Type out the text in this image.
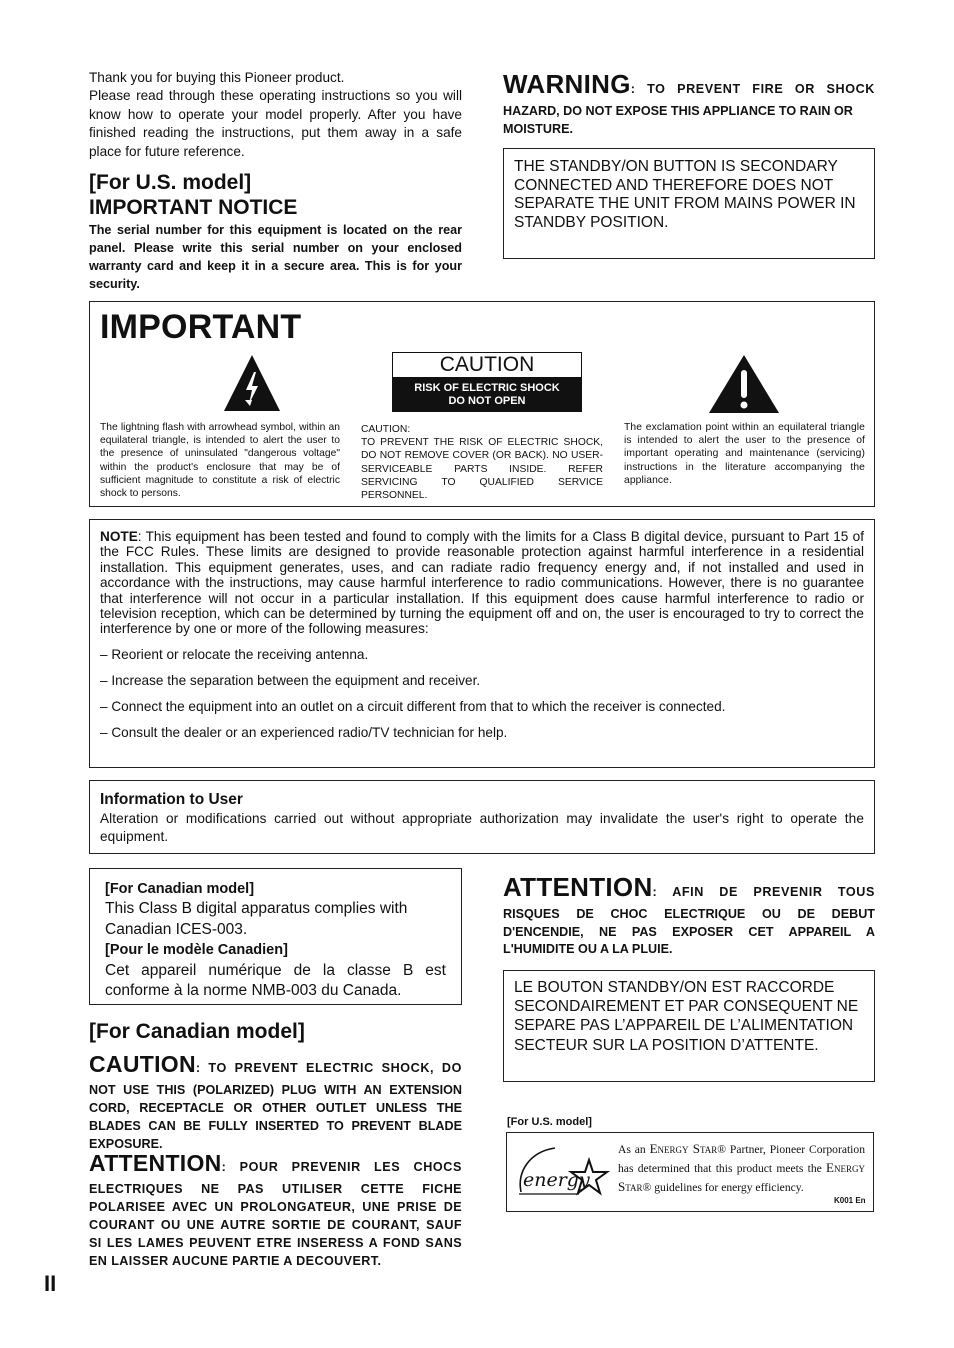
Thank you for buying this Pioneer product.
Please read through these operating instructions so you will know how to operate your model properly. After you have finished reading the instructions, put them away in a safe place for future reference.
[For U.S. model]
IMPORTANT NOTICE
The serial number for this equipment is located on the rear panel. Please write this serial number on your enclosed warranty card and keep it in a secure area. This is for your security.
WARNING: TO PREVENT FIRE OR SHOCK
HAZARD, DO NOT EXPOSE THIS APPLIANCE TO RAIN OR MOISTURE.
THE STANDBY/ON BUTTON IS SECONDARY CONNECTED AND THEREFORE DOES NOT SEPARATE THE UNIT FROM MAINS POWER IN STANDBY POSITION.
IMPORTANT
CAUTION
RISK OF ELECTRIC SHOCK
DO NOT OPEN
The lightning flash with arrowhead symbol, within an equilateral triangle, is intended to alert the user to the presence of uninsulated "dangerous voltage" within the product's enclosure that may be of sufficient magnitude to constitute a risk of electric shock to persons.
CAUTION:
TO PREVENT THE RISK OF ELECTRIC SHOCK, DO NOT REMOVE COVER (OR BACK). NO USER-SERVICEABLE PARTS INSIDE. REFER SERVICING TO QUALIFIED SERVICE PERSONNEL.
The exclamation point within an equilateral triangle is intended to alert the user to the presence of important operating and maintenance (servicing) instructions in the literature accompanying the appliance.
NOTE: This equipment has been tested and found to comply with the limits for a Class B digital device, pursuant to Part 15 of the FCC Rules. These limits are designed to provide reasonable protection against harmful interference in a residential installation. This equipment generates, uses, and can radiate radio frequency energy and, if not installed and used in accordance with the instructions, may cause harmful interference to radio communications. However, there is no guarantee that interference will not occur in a particular installation. If this equipment does cause harmful interference to radio or television reception, which can be determined by turning the equipment off and on, the user is encouraged to try to correct the interference by one or more of the following measures:
– Reorient or relocate the receiving antenna.
– Increase the separation between the equipment and receiver.
– Connect the equipment into an outlet on a circuit different from that to which the receiver is connected.
– Consult the dealer or an experienced radio/TV technician for help.
Information to User
Alteration or modifications carried out without appropriate authorization may invalidate the user's right to operate the equipment.
[For Canadian model]
This Class B digital apparatus complies with Canadian ICES-003.
[Pour le modèle Canadien]
Cet appareil numérique de la classe B est conforme à la norme NMB-003 du Canada.
[For Canadian model]
CAUTION: TO PREVENT ELECTRIC SHOCK, DO
NOT USE THIS (POLARIZED) PLUG WITH AN EXTENSION CORD, RECEPTACLE OR OTHER OUTLET UNLESS THE BLADES CAN BE FULLY INSERTED TO PREVENT BLADE EXPOSURE.
ATTENTION: POUR PREVENIR LES CHOCS
ELECTRIQUES NE PAS UTILISER CETTE FICHE POLARISEE AVEC UN PROLONGATEUR, UNE PRISE DE COURANT OU UNE AUTRE SORTIE DE COURANT, SAUF SI LES LAMES PEUVENT ETRE INSERESS A FOND SANS EN LAISSER AUCUNE PARTIE A DECOUVERT.
ATTENTION: AFIN DE PREVENIR TOUS
RISQUES DE CHOC ELECTRIQUE OU DE DEBUT D'ENCENDIE, NE PAS EXPOSER CET APPAREIL A L'HUMIDITE OU A LA PLUIE.
LE BOUTON STANDBY/ON EST RACCORDE SECONDAIREMENT ET PAR CONSEQUENT NE SEPARE PAS L’APPAREIL DE L’ALIMENTATION SECTEUR SUR LA POSITION D’ATTENTE.
[For U.S. model]
energy
As an Energy Star® Partner, Pioneer Corporation has determined that this product meets the Energy Star® guidelines for energy efficiency.
K001 En
II
